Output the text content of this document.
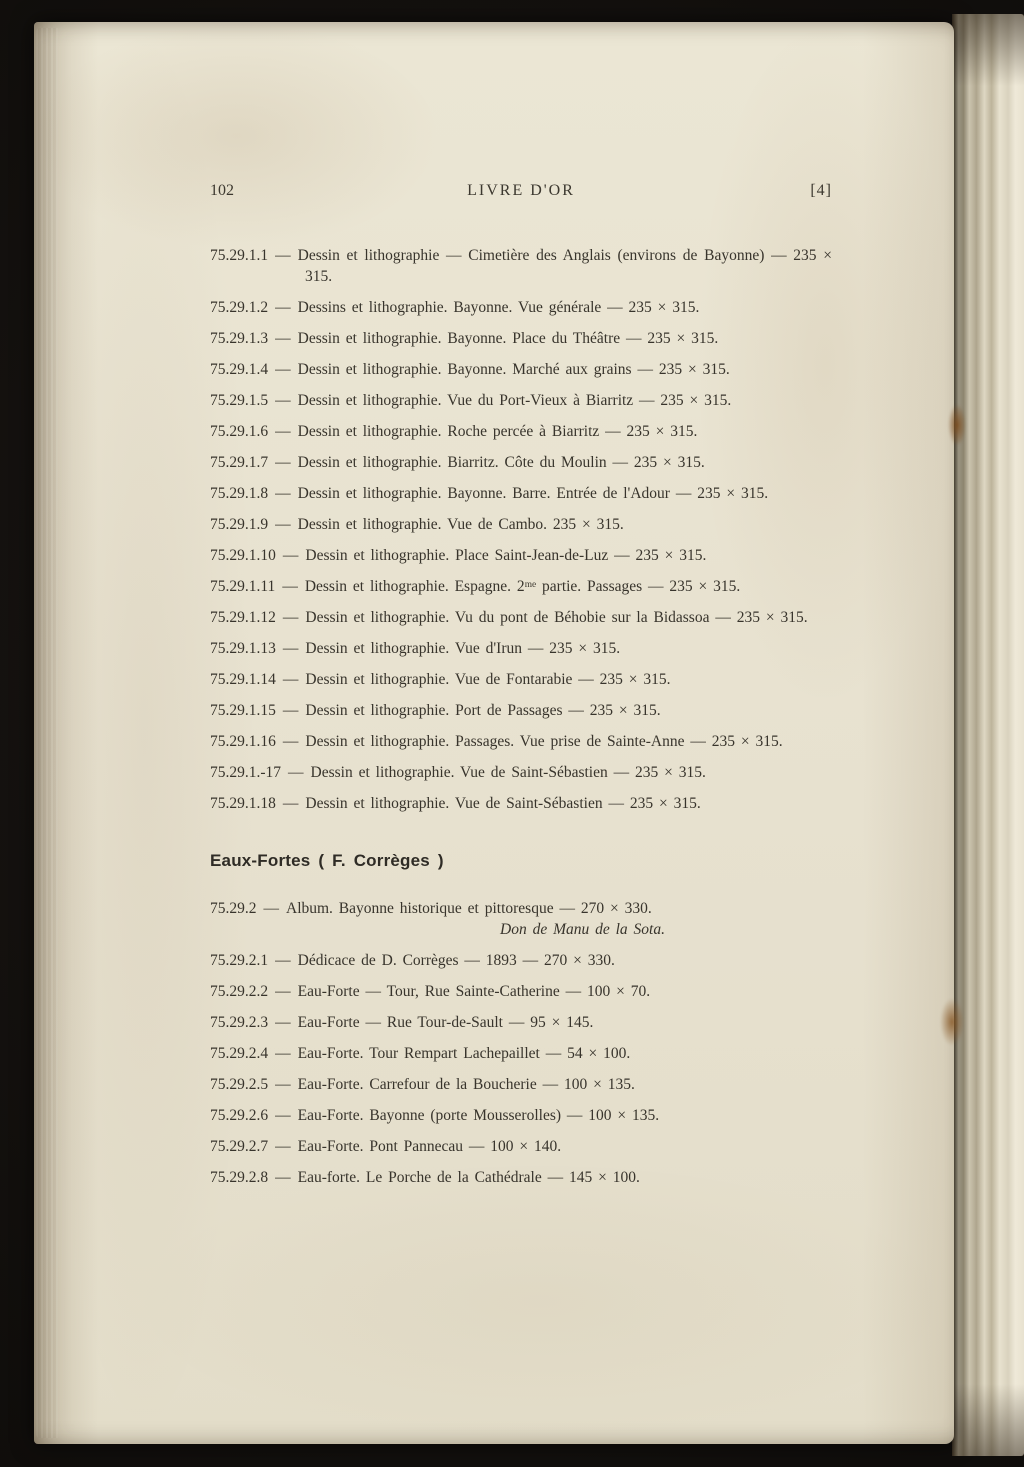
102	LIVRE D'OR	[4]

75.29.1.1 — Dessin et lithographie — Cimetière des Anglais (environs de Bayonne) — 235 × 315.

75.29.1.2 — Dessins et lithographie. Bayonne. Vue générale — 235 × 315.

75.29.1.3 — Dessin et lithographie. Bayonne. Place du Théâtre — 235 × 315.

75.29.1.4 — Dessin et lithographie. Bayonne. Marché aux grains — 235 × 315.

75.29.1.5 — Dessin et lithographie. Vue du Port-Vieux à Biarritz — 235 × 315.

75.29.1.6 — Dessin et lithographie. Roche percée à Biarritz — 235 × 315.

75.29.1.7 — Dessin et lithographie. Biarritz. Côte du Moulin — 235 × 315.

75.29.1.8 — Dessin et lithographie. Bayonne. Barre. Entrée de l'Adour — 235 × 315.

75.29.1.9 — Dessin et lithographie. Vue de Cambo. 235 × 315.

75.29.1.10 — Dessin et lithographie. Place Saint-Jean-de-Luz — 235 × 315.

75.29.1.11 — Dessin et lithographie. Espagne. 2ᵐᵉ partie. Passages — 235 × 315.

75.29.1.12 — Dessin et lithographie. Vu du pont de Béhobie sur la Bidassoa — 235 × 315.

75.29.1.13 — Dessin et lithographie. Vue d'Irun — 235 × 315.

75.29.1.14 — Dessin et lithographie. Vue de Fontarabie — 235 × 315.

75.29.1.15 — Dessin et lithographie. Port de Passages — 235 × 315.

75.29.1.16 — Dessin et lithographie. Passages. Vue prise de Sainte-Anne — 235 × 315.

75.29.1.-17 — Dessin et lithographie. Vue de Saint-Sébastien — 235 × 315.

75.29.1.18 — Dessin et lithographie. Vue de Saint-Sébastien — 235 × 315.

Eaux-Fortes ( F. Corrèges )

75.29.2 — Album. Bayonne historique et pittoresque — 270 × 330.
Don de Manu de la Sota.

75.29.2.1 — Dédicace de D. Corrèges — 1893 — 270 × 330.

75.29.2.2 — Eau-Forte — Tour, Rue Sainte-Catherine — 100 × 70.

75.29.2.3 — Eau-Forte — Rue Tour-de-Sault — 95 × 145.

75.29.2.4 — Eau-Forte. Tour Rempart Lachepaillet — 54 × 100.

75.29.2.5 — Eau-Forte. Carrefour de la Boucherie — 100 × 135.

75.29.2.6 — Eau-Forte. Bayonne (porte Mousserolles) — 100 × 135.

75.29.2.7 — Eau-Forte. Pont Pannecau — 100 × 140.

75.29.2.8 — Eau-forte. Le Porche de la Cathédrale — 145 × 100.
